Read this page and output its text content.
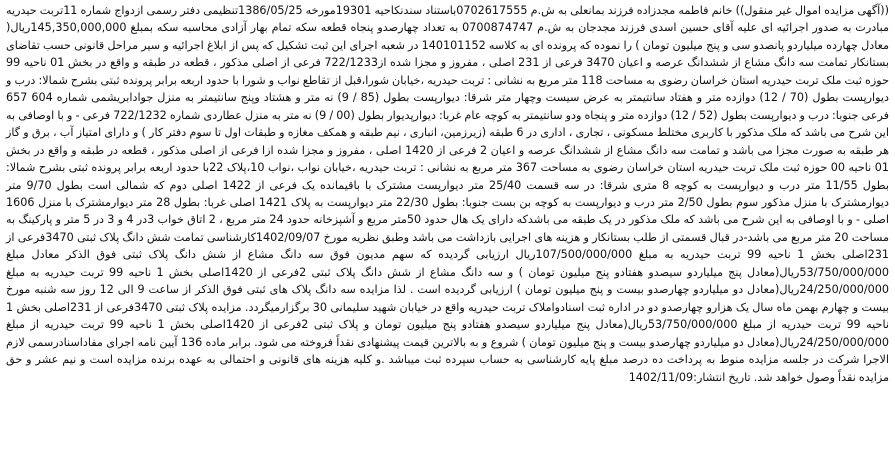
((آگهی مزایده اموال غیر منقول)) خانم فاطمه مجدزاده فرزند بمانعلی به ش.م 0702617555باستناد سندنکاحیه 19301مورخه 1386/05/25تنظیمی دفتر رسمی ازدواج شماره 11تربت حیدریه مبادرت به صدور اجرائیه ای علیه آقای حسین اسدی فرزند مجدجان به ش.م 0700874747 به تعداد چهارصدو پنجاه قطعه سکه تمام بهار آزادی محاسبه سکه بمبلغ 145,350,000,000ریال( معادل چهارده میلیاردو پانصدو سی و پنج میلیون تومان ) را نموده که پرونده ای به کلاسه 140101152 در شعبه اجرای این ثبت تشکیل که پس از ابلاغ اجرائیه و سیر مراحل قانونی حسب تقاضای بستانکار تمامت سه دانگ مشاع از ششدانگ عرصه و اعیان 3470 فرعی از 231 اصلی ، مفروز و مجزا شده از722/1233 فرعی از اصلی مذکور ، قطعه در طبقه و واقع در بخش 01 ناحیه 99 حوزه ثبت ملک تربت حیدریه استان خراسان رضوی به مساحت 118 متر مربع به نشانی : تربت حیدریه ،خیابان شورا،قبل از تقاطع نواب و شورا با حدود اربعه برابر پرونده ثبتی بشرح شمالا: درب و دیوارپست بطول (70 / 12) دوازده متر و هفتاد سانتیمتر به عرض سیست وچهار متر شرقا: دیوارپست بطول (85 / 9) نه متر و هشتاد وپنج سانتیمتر به منزل جوادابریشمی شماره 604 657 فرعی جنوبا: درب و دیوارپست بطول (52 / 12) دوازده متر و پنجاه ودو سانتیمتر به کوچه عام غربا: دیوارپدیوار بطول (00 / 9) نه متر به منزل عطاردی شماره 722/1232 فرعی - و با اوصافی به این شرح می باشد که ملک مذکور با کاربری مختلط مسکونی ، تجاری ، اداری در 6 طبقه (زیرزمین، انباری ، نیم طبقه و همکف مغازه و طبقات اول تا سوم دفتر کار ) و دارای امتیاز آب ، برق و گاز هر طبقه به صورت مجزا می باشد و تمامت سه دانگ مشاع از ششدانگ عرصه و اعیان 2 فرعی از 1420 اصلی ، مفروز و مجزا شده ازا فرعی از اصلی مذکور ، قطعه در طبقه و واقع در بخش 01 ناحیه 00 حوزه ثبت ملک تربت حیدریه استان خراسان رضوی به مساحت 367 متر مربع به نشانی : تربت حیدریه ،خیابان نواب ،نواب 10،پلاک 22با حدود اربعه برابر پرونده ثبتی بشرح شمالا: بطول 11/55 متر درب و دیوارپست به کوچه 8 متری شرقا: در سه قسمت 25/40 متر دیوارپست مشترک با باقیمانده یک فرعی از 1422 اصلی دوم که شمالی است بطول 9/70 متر دیوارمشترک با منزل مذکور سوم بطول 2/50 متر درب و دیوارپست به کوچه بن بست جنوبا: بطول 22/30 متر دیوارپست به پلاک 1421 اصلی غربا: بطول 28 متر دیوارمشترک با منزل 1606 اصلی - و با اوصافی به این شرح می باشد که ملک مذکور در یک طبقه می باشدکه دارای یک هال حدود 50متر مربع و آشپزخانه حدود 24 متر مربع ، 2 اتاق خواب 3در 4 و 3 در 5 متر و پارکینگ به مساحت 20 متر مربع می باشد-در قبال قسمتی از طلب بستانکار و هزینه های اجرایی بازداشت می باشد وطبق نظریه مورخ 1402/09/07کارشناسی تمامت شش دانگ پلاک ثبتی 3470فرعی از 231اصلی بخش 1 ناحیه 99 تربت حیدریه به مبلغ 107/500/000/000ریال ارزیابی گردیده که سهم مدیون فوق سه دانگ مشاع از شش دانگ پلاک ثبتی فوق الذکر معادل مبلغ 53/750/000/000ریال(معادل پنج میلیاردو سیصدو هفتادو پنج میلیون تومان ) و سه دانگ مشاع از شش دانگ پلاک ثبتی 2فرعی از 1420اصلی بخش 1 ناحیه 99 تربت حیدریه به مبلغ 24/250/000/000ریال(معادل دو میلیاردو چهارصدو بیست و پنج میلیون تومان ) ارزیابی گردیده است . لذا مزایده سه دانگ پلاک های ثبتی فوق الذکر از ساعت 9 الی 12 روز سه شنبه مورخ بیست و چهارم بهمن ماه سال یک هزارو چهارصدو دو در اداره ثبت اسنادواملاک تربت حیدریه واقع در خیابان شهید سلیمانی 30 برگزارمیگردد. مزایده پلاک ثبتی 3470فرعی از 231اصلی بخش 1 ناحیه 99 تربت حیدریه از مبلغ 53/750/000/000ریال(معادل پنج میلیاردو سیصدو هفتادو پنج میلیون تومان و پلاک ثبتی 2فرعی از 1420اصلی بخش 1 ناحیه 99 تربت حیدریه از مبلغ 24/250/000/000ریال(معادل دو میلیاردو چهارصدو بیست و پنج میلیون تومان ) شروع و به بالاترین قیمت پیشنهادی نقداً فروخته می شود. برابر ماده 136 آیین نامه اجرای مفاداسنادرسمی لازم الاجرا شرکت در جلسه مزایده منوط به پرداخت ده درصد مبلغ پایه کارشناسی به حساب سپرده ثبت میباشد .و کلیه هزینه های قانونی و احتمالی به عهده برنده مزایده است و نیم عشر و حق مزایده نقداً وصول خواهد شد. تاریخ انتشار:1402/11/09
